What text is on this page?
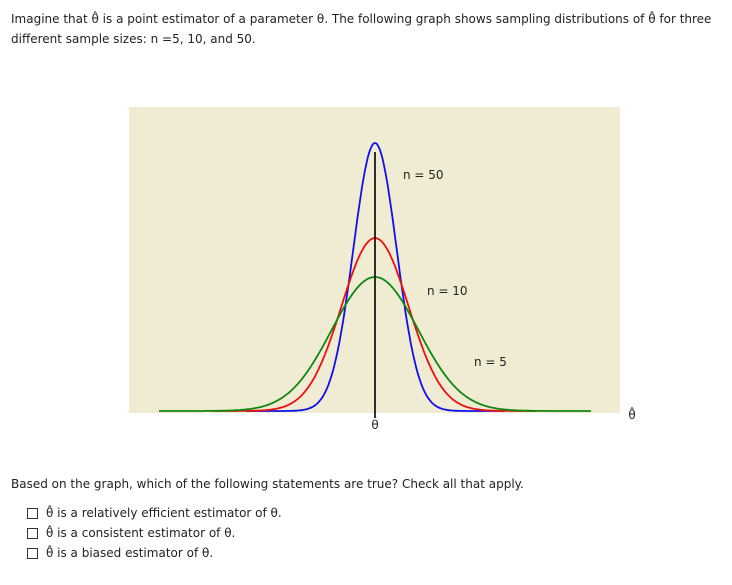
Imagine that θ̂ is a point estimator of a parameter θ. The following graph shows sampling distributions of θ̂ for three different sample sizes: n =5, 10, and 50.

θ
θ̂
n = 50
n = 10
n = 5

Based on the graph, which of the following statements are true? Check all that apply.

θ̂ is a relatively efficient estimator of θ.
θ̂ is a consistent estimator of θ.
θ̂ is a biased estimator of θ.
